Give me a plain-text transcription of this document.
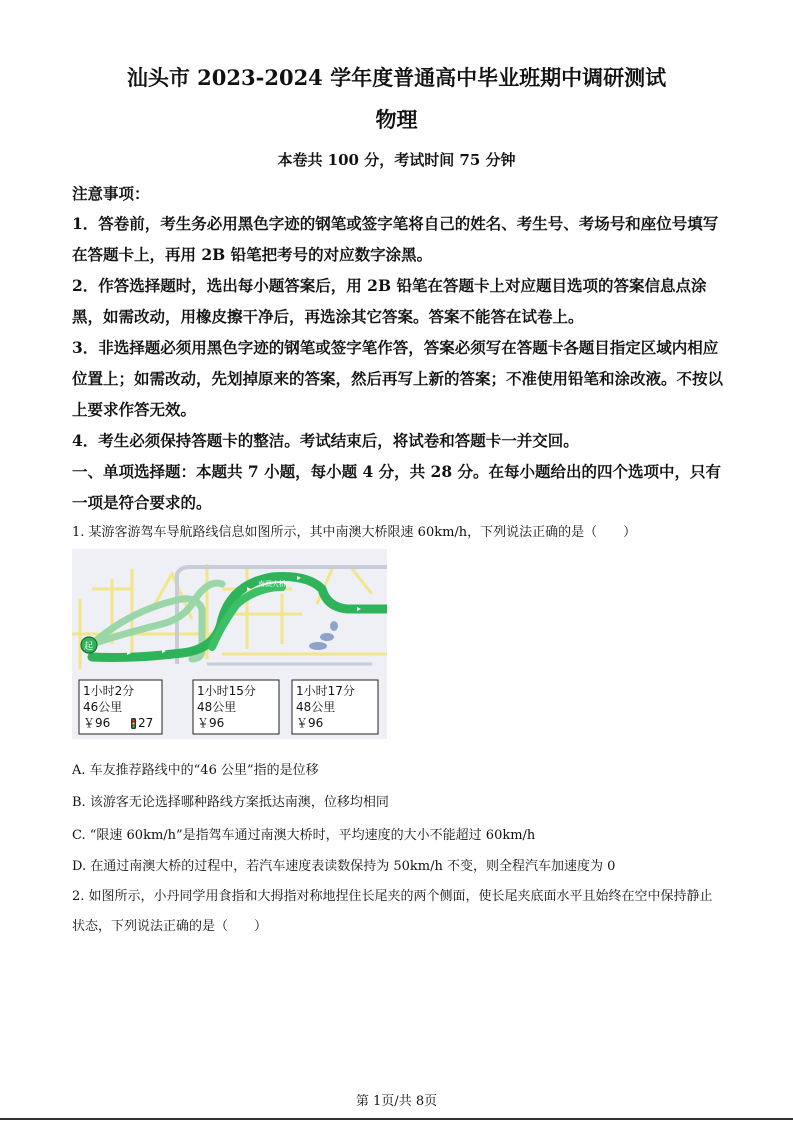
汕头市 2023-2024 学年度普通高中毕业班期中调研测试
物理
本卷共 100 分，考试时间 75 分钟
注意事项：
1．答卷前，考生务必用黑色字迹的钢笔或签字笔将自己的姓名、考生号、考场号和座位号填写在答题卡上，再用 2B 铅笔把考号的对应数字涂黑。
2．作答选择题时，选出每小题答案后，用 2B 铅笔在答题卡上对应题目选项的答案信息点涂黑，如需改动，用橡皮擦干净后，再选涂其它答案。答案不能答在试卷上。
3．非选择题必须用黑色字迹的钢笔或签字笔作答，答案必须写在答题卡各题目指定区域内相应位置上；如需改动，先划掉原来的答案，然后再写上新的答案；不准使用铅笔和涂改液。不按以上要求作答无效。
4．考生必须保持答题卡的整洁。考试结束后，将试卷和答题卡一并交回。
一、单项选择题：本题共 7 小题，每小题 4 分，共 28 分。在每小题给出的四个选项中，只有一项是符合要求的。
1. 某游客游驾车导航路线信息如图所示，其中南澳大桥限速 60km/h，下列说法正确的是（　　）
南澳大桥
起
1小时2分
46公里
￥96 27
1小时15分
48公里
￥96
1小时17分
48公里
￥96
A. 车友推荐路线中的“46 公里”指的是位移
B. 该游客无论选择哪种路线方案抵达南澳，位移均相同
C. “限速 60km/h”是指驾车通过南澳大桥时，平均速度的大小不能超过 60km/h
D. 在通过南澳大桥的过程中，若汽车速度表读数保持为 50km/h 不变，则全程汽车加速度为 0
2. 如图所示，小丹同学用食指和大拇指对称地捏住长尾夹的两个侧面，使长尾夹底面水平且始终在空中保持静止状态，下列说法正确的是（　　）
第 1页/共 8页
